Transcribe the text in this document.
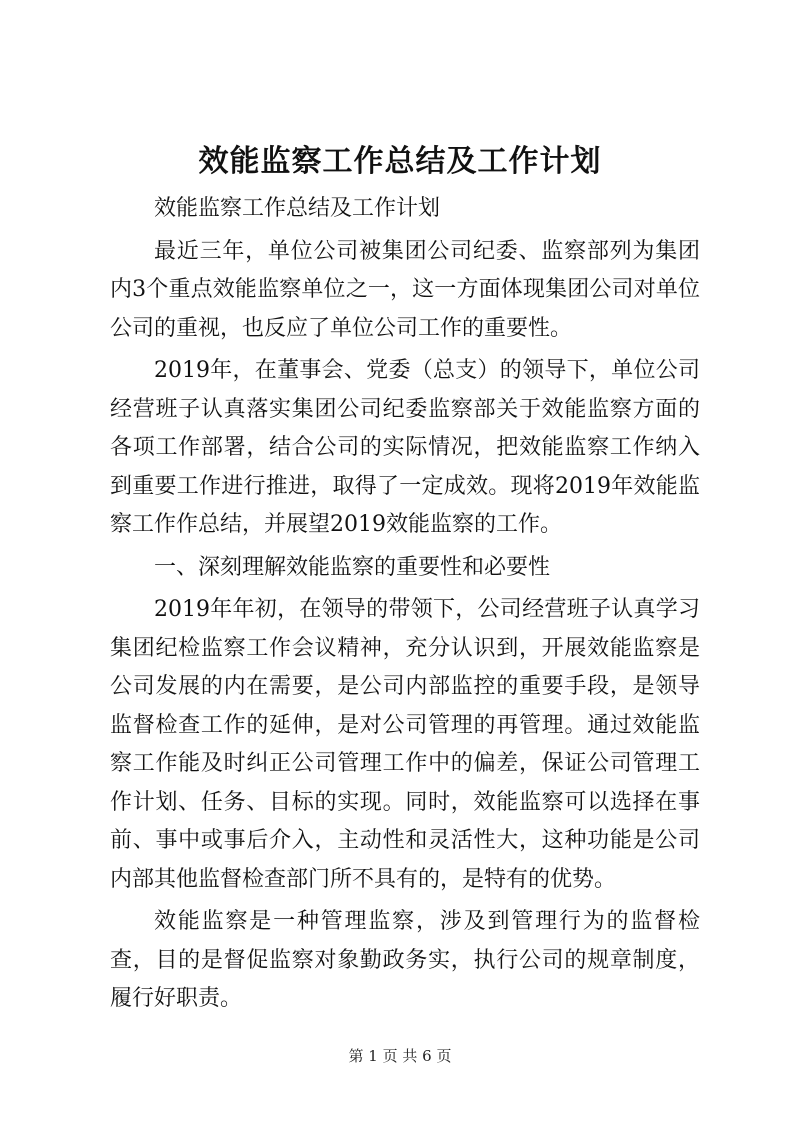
效能监察工作总结及工作计划

效能监察工作总结及工作计划

最近三年，单位公司被集团公司纪委、监察部列为集团内3个重点效能监察单位之一，这一方面体现集团公司对单位公司的重视，也反应了单位公司工作的重要性。

2019年，在董事会、党委（总支）的领导下，单位公司经营班子认真落实集团公司纪委监察部关于效能监察方面的各项工作部署，结合公司的实际情况，把效能监察工作纳入到重要工作进行推进，取得了一定成效。现将2019年效能监察工作作总结，并展望2019效能监察的工作。

一、深刻理解效能监察的重要性和必要性

2019年年初，在领导的带领下，公司经营班子认真学习集团纪检监察工作会议精神，充分认识到，开展效能监察是公司发展的内在需要，是公司内部监控的重要手段，是领导监督检查工作的延伸，是对公司管理的再管理。通过效能监察工作能及时纠正公司管理工作中的偏差，保证公司管理工作计划、任务、目标的实现。同时，效能监察可以选择在事前、事中或事后介入，主动性和灵活性大，这种功能是公司内部其他监督检查部门所不具有的，是特有的优势。

效能监察是一种管理监察，涉及到管理行为的监督检查，目的是督促监察对象勤政务实，执行公司的规章制度，履行好职责。

第 1 页 共 6 页
